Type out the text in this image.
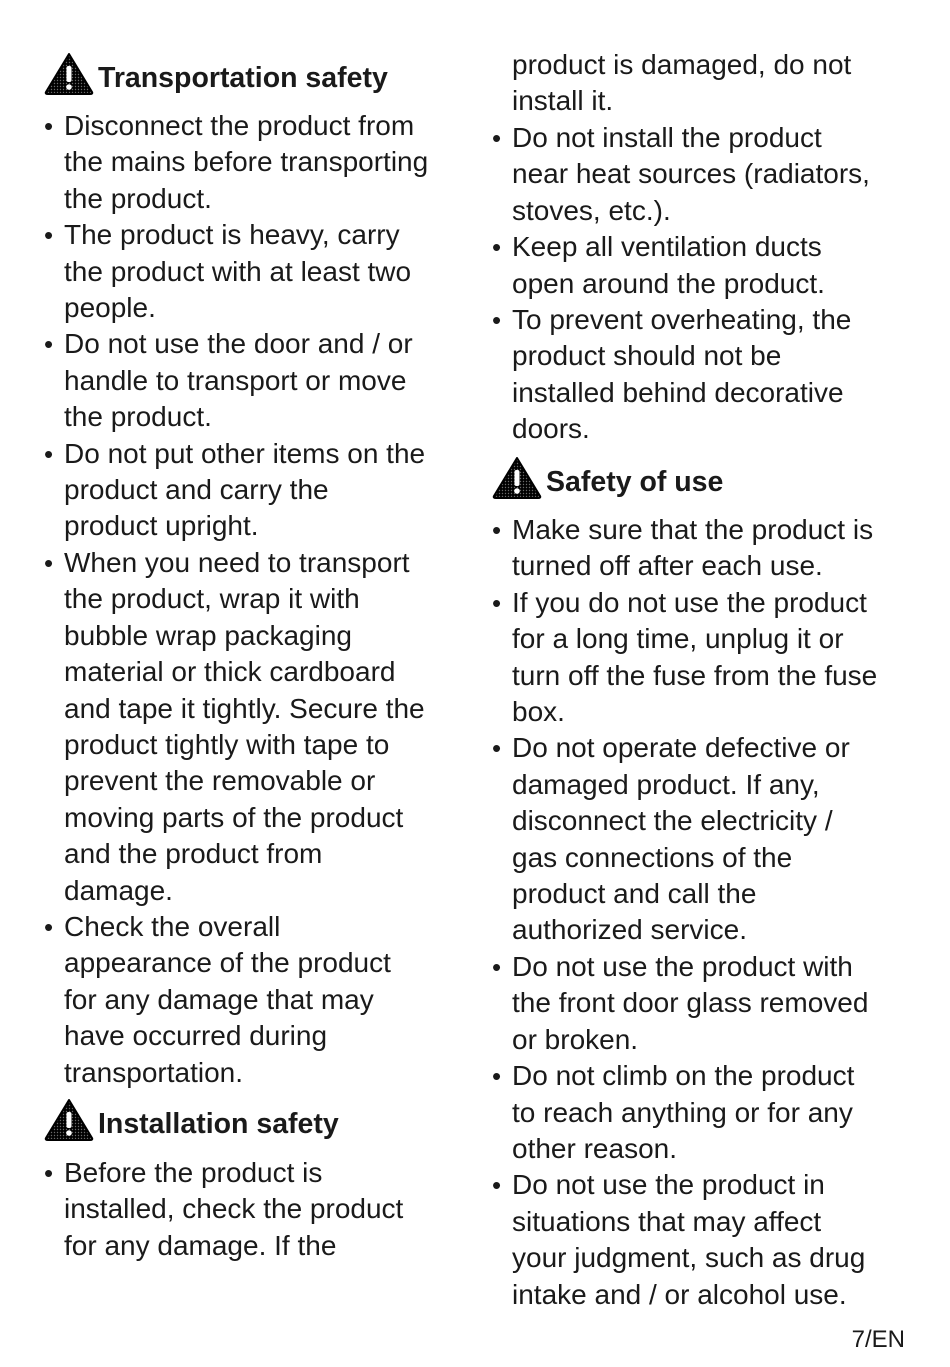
Transportation safety
• Disconnect the product from
the mains before transporting
the product.
• The product is heavy, carry
the product with at least two
people.
• Do not use the door and / or
handle to transport or move
the product.
• Do not put other items on the
product and carry the
product upright.
• When you need to transport
the product, wrap it with
bubble wrap packaging
material or thick cardboard
and tape it tightly. Secure the
product tightly with tape to
prevent the removable or
moving parts of the product
and the product from
damage.
• Check the overall
appearance of the product
for any damage that may
have occurred during
transportation.
Installation safety
• Before the product is
installed, check the product
for any damage. If the
product is damaged, do not
install it.
• Do not install the product
near heat sources (radiators,
stoves, etc.).
• Keep all ventilation ducts
open around the product.
• To prevent overheating, the
product should not be
installed behind decorative
doors.
Safety of use
• Make sure that the product is
turned off after each use.
• If you do not use the product
for a long time, unplug it or
turn off the fuse from the fuse
box.
• Do not operate defective or
damaged product. If any,
disconnect the electricity /
gas connections of the
product and call the
authorized service.
• Do not use the product with
the front door glass removed
or broken.
• Do not climb on the product
to reach anything or for any
other reason.
• Do not use the product in
situations that may affect
your judgment, such as drug
intake and / or alcohol use.
7/EN
